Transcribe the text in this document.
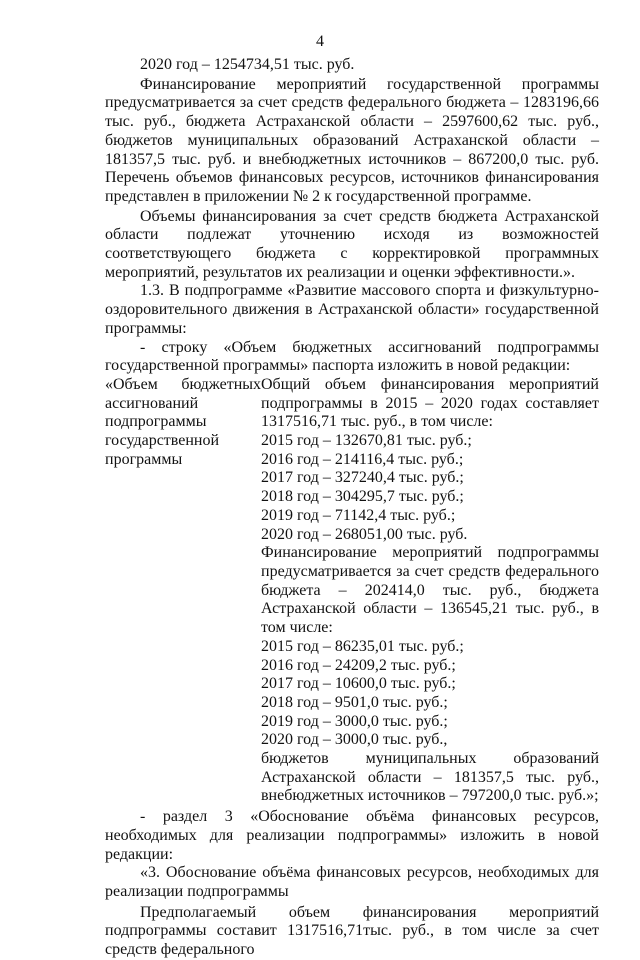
4

2020 год – 1254734,51 тыс. руб.

Финансирование мероприятий государственной программы предусматривается за счет средств федерального бюджета – 1283196,66 тыс. руб., бюджета Астраханской области – 2597600,62 тыс. руб., бюджетов муниципальных образований Астраханской области – 181357,5 тыс. руб. и внебюджетных источников – 867200,0 тыс. руб. Перечень объемов финансовых ресурсов, источников финансирования представлен в приложении № 2 к государственной программе.

Объемы финансирования за счет средств бюджета Астраханской области подлежат уточнению исходя из возможностей соответствующего бюджета с корректировкой программных мероприятий, результатов их реализации и оценки эффективности.».

1.3. В подпрограмме «Развитие массового спорта и физкультурно-оздоровительного движения в Астраханской области» государственной программы:

- строку «Объем бюджетных ассигнований подпрограммы государственной программы» паспорта изложить в новой редакции:

«Объем бюджетных ассигнований подпрограммы государственной программы

Общий объем финансирования мероприятий подпрограммы в 2015 – 2020 годах составляет 1317516,71 тыс. руб., в том числе:

2015 год – 132670,81 тыс. руб.;
2016 год – 214116,4 тыс. руб.;
2017 год – 327240,4 тыс. руб.;
2018 год – 304295,7 тыс. руб.;
2019 год – 71142,4 тыс. руб.;
2020 год – 268051,00 тыс. руб.

Финансирование мероприятий подпрограммы предусматривается за счет средств федерального бюджета – 202414,0 тыс. руб., бюджета Астраханской области – 136545,21 тыс. руб., в том числе:

2015 год – 86235,01 тыс. руб.;
2016 год – 24209,2 тыс. руб.;
2017 год – 10600,0 тыс. руб.;
2018 год – 9501,0 тыс. руб.;
2019 год – 3000,0 тыс. руб.;
2020 год – 3000,0 тыс. руб.,

бюджетов муниципальных образований Астраханской области – 181357,5 тыс. руб., внебюджетных источников – 797200,0 тыс. руб.»;

- раздел 3 «Обоснование объёма финансовых ресурсов, необходимых для реализации подпрограммы» изложить в новой редакции:

«3. Обоснование объёма финансовых ресурсов, необходимых для реализации подпрограммы

Предполагаемый объем финансирования мероприятий подпрограммы составит 1317516,71тыс. руб., в том числе за счет средств федерального
